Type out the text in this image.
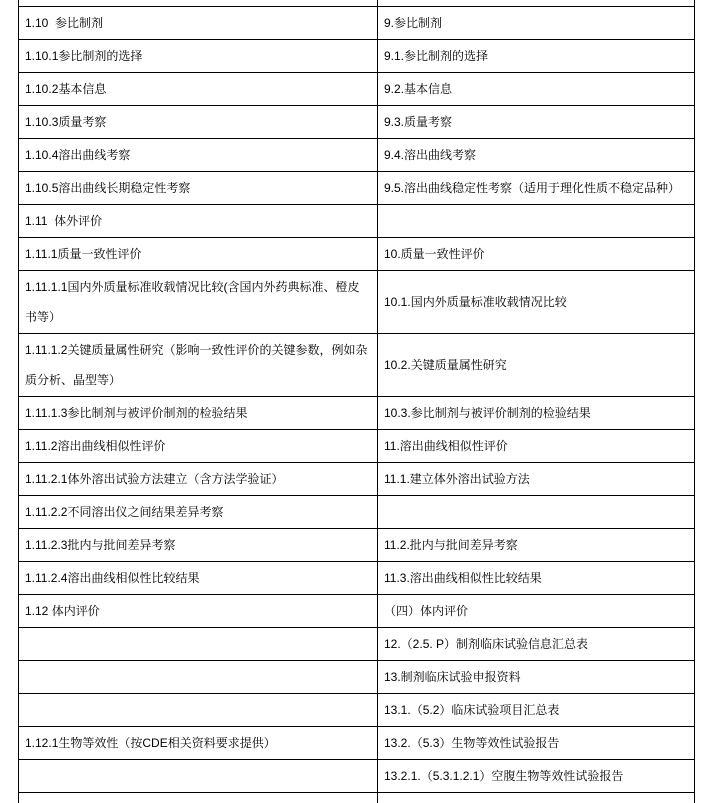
1.10  参比制剂	9.参比制剂
1.10.1参比制剂的选择	9.1.参比制剂的选择
1.10.2基本信息	9.2.基本信息
1.10.3质量考察	9.3.质量考察
1.10.4溶出曲线考察	9.4.溶出曲线考察
1.10.5溶出曲线长期稳定性考察	9.5.溶出曲线稳定性考察（适用于理化性质不稳定品种）
1.11  体外评价	
1.11.1质量一致性评价	10.质量一致性评价
1.11.1.1国内外质量标准收载情况比较(含国内外药典标准、橙皮书等）	10.1.国内外质量标准收载情况比较
1.11.1.2关键质量属性研究（影响一致性评价的关键参数，例如杂质分析、晶型等）	10.2.关键质量属性研究
1.11.1.3参比制剂与被评价制剂的检验结果	10.3.参比制剂与被评价制剂的检验结果
1.11.2溶出曲线相似性评价	11.溶出曲线相似性评价
1.11.2.1体外溶出试验方法建立（含方法学验证）	11.1.建立体外溶出试验方法
1.11.2.2不同溶出仪之间结果差异考察	
1.11.2.3批内与批间差异考察	11.2.批内与批间差异考察
1.11.2.4溶出曲线相似性比较结果	11.3.溶出曲线相似性比较结果
1.12 体内评价	（四）体内评价
	12.（2.5. P）制剂临床试验信息汇总表
	13.制剂临床试验申报资料
	13.1.（5.2）临床试验项目汇总表
1.12.1生物等效性（按CDE相关资料要求提供）	13.2.（5.3）生物等效性试验报告
	13.2.1.（5.3.1.2.1）空腹生物等效性试验报告
